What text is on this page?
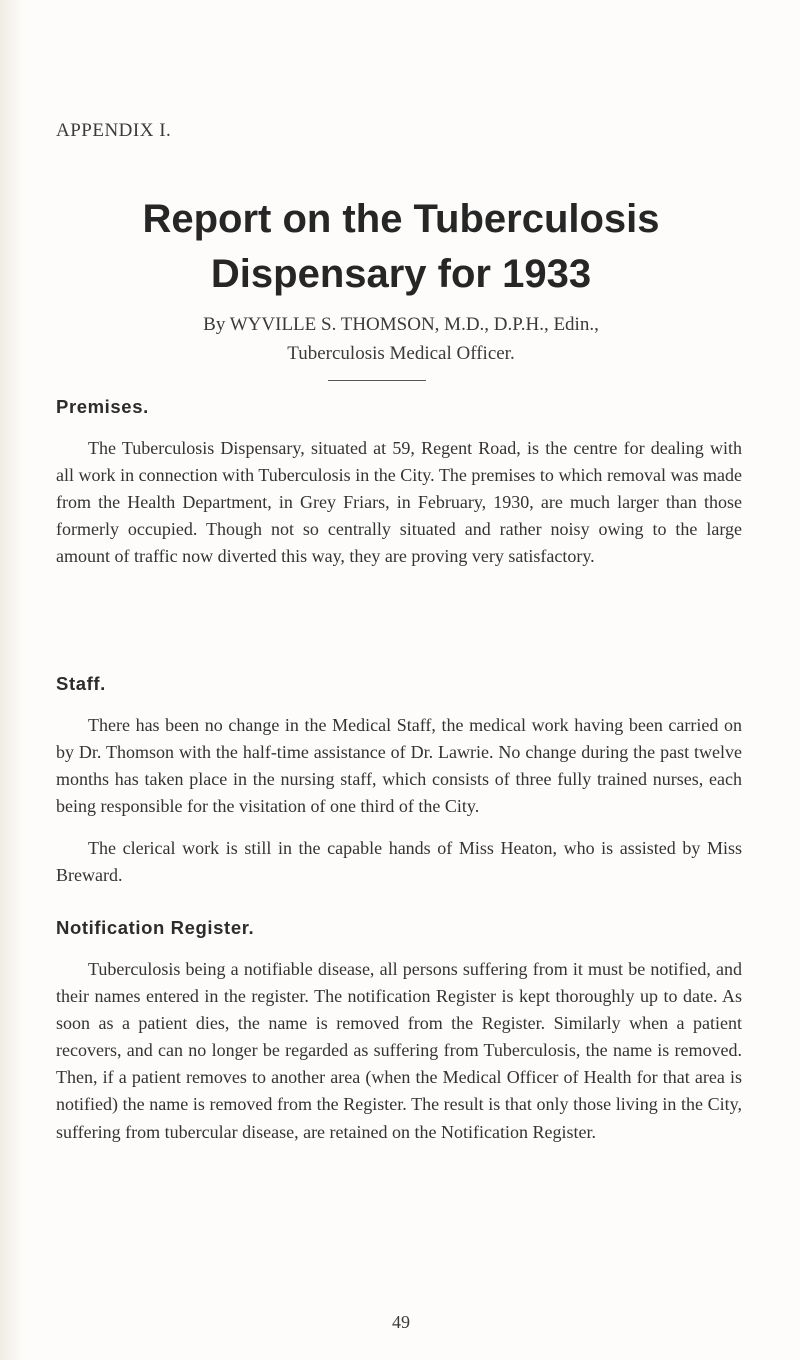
APPENDIX I.

Report on the Tuberculosis
Dispensary for 1933

By WYVILLE S. THOMSON, M.D., D.P.H., Edin.,
Tuberculosis Medical Officer.

Premises.

The Tuberculosis Dispensary, situated at 59, Regent Road, is the centre for dealing with all work in connection with Tuberculosis in the City. The premises to which removal was made from the Health Department, in Grey Friars, in February, 1930, are much larger than those formerly occupied. Though not so centrally situated and rather noisy owing to the large amount of traffic now diverted this way, they are proving very satisfactory.

Staff.

There has been no change in the Medical Staff, the medical work having been carried on by Dr. Thomson with the half-time assistance of Dr. Lawrie. No change during the past twelve months has taken place in the nursing staff, which consists of three fully trained nurses, each being responsible for the visitation of one third of the City.

The clerical work is still in the capable hands of Miss Heaton, who is assisted by Miss Breward.

Notification Register.

Tuberculosis being a notifiable disease, all persons suffering from it must be notified, and their names entered in the register. The notification Register is kept thoroughly up to date. As soon as a patient dies, the name is removed from the Register. Similarly when a patient recovers, and can no longer be regarded as suffering from Tuberculosis, the name is removed. Then, if a patient removes to another area (when the Medical Officer of Health for that area is notified) the name is removed from the Register. The result is that only those living in the City, suffering from tubercular disease, are retained on the Notification Register.

49
